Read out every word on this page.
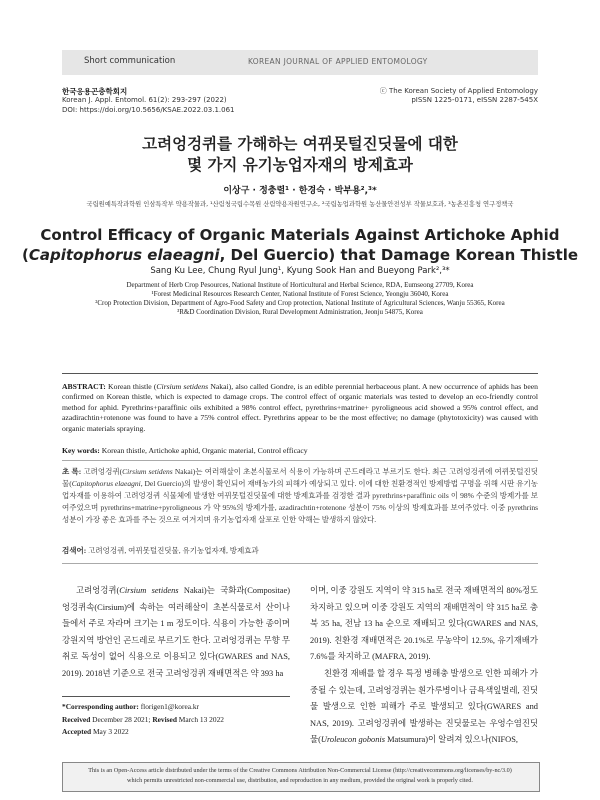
Short communication	KOREAN JOURNAL OF APPLIED ENTOMOLOGY
한국응용곤충학회지
Korean J. Appl. Entomol. 61(2): 293-297 (2022)
DOI: https://doi.org/10.5656/KSAE.2022.03.1.061
ⓒ The Korean Society of Applied Entomology
pISSN 1225-0171, eISSN 2287-545X
고려엉겅퀴를 가해하는 여뀌못털진딧물에 대한
몇 가지 유기농업자재의 방제효과
이상구 · 정충렬¹ · 한경숙 · 박부용²,³*
국립원예특작과학원 인삼특작부 약용작물과, ¹산림청국립수목원 산림약용자원연구소, ²국립농업과학원 농산물안전성부 작물보호과, ³농촌진흥청 연구정책국
Control Efficacy of Organic Materials Against Artichoke Aphid
(Capitophorus elaeagni, Del Guercio) that Damage Korean Thistle
Sang Ku Lee, Chung Ryul Jung¹, Kyung Sook Han and Bueyong Park²,³*
Department of Herb Crop Pesources, National Institute of Horticultural and Herbal Science, RDA, Eumseong 27709, Korea
¹Forest Medicinal Resources Research Center, National Institute of Forest Science, Yeongju 36040, Korea
²Crop Protection Division, Department of Agro-Food Safety and Crop protection, National Institute of Agricultural Sciences, Wanju 55365, Korea
³R&D Coordination Division, Rural Development Administration, Jeonju 54875, Korea
ABSTRACT: Korean thistle (Cirsium setidens Nakai), also called Gondre, is an edible perennial herbaceous plant. A new occurrence of aphids has been confirmed on Korean thistle, which is expected to damage crops. The control effect of organic materials was tested to develop an eco-friendly control method for aphid. Pyrethrins+paraffinic oils exhibited a 98% control effect, pyrethrins+matrine+ pyroligneous acid showed a 95% control effect, and azadirachtin+rotenone was found to have a 75% control effect. Pyrethrins appear to be the most effective; no damage (phytotoxicity) was caused with organic materials spraying.
Key words: Korean thistle, Artichoke aphid, Organic material, Control efficacy
초 록: 고려엉겅퀴(Cirsium setidens Nakai)는 여러해살이 초본식물로서 식용이 가능하며 곤드레라고 부르기도 한다. 최근 고려엉겅퀴에 여뀌못털진딧물(Capitophorus elaeagni, Del Guercio)의 발생이 확인되어 재배농가의 피해가 예상되고 있다. 이에 대한 친환경적인 방제방법 구명을 위해 시판 유기농업자재를 이용하여 고려엉겅퀴 식물체에 발생한 여뀌못털진딧물에 대한 방제효과를 검정한 결과 pyrethrins+paraffinic oils 이 98% 수준의 방제가를 보여주었으며 pyrethrins+matrine+pyroligneous 가 약 95%의 방제가를, azadirachtin+rotenone 성분이 75% 이상의 방제효과를 보여주었다. 이중 pyrethrins 성분이 가장 좋은 효과를 주는 것으로 여겨지며 유기농업자재 살포로 인한 약해는 발생하지 않았다.
검색어: 고려엉겅퀴, 여뀌못털진딧물, 유기농업자재, 방제효과

고려엉겅퀴(Cirsium setidens Nakai)는 국화과(Compositae) 엉겅퀴속(Cirsium)에 속하는 여러해살이 초본식물로서 산이나 들에서 주로 자라며 크기는 1 m 정도이다. 식용이 가능한 종이며 강원지역 방언인 곤드레로 부르기도 한다. 고려엉겅퀴는 무향 무취로 독성이 없어 식용으로 이용되고 있다(GWARES and NAS, 2019). 2018년 기준으로 전국 고려엉겅퀴 재배면적은 약 393 ha

이며, 이중 강원도 지역이 약 315 ha로 전국 재배면적의 80%정도 차지하고 있으며 이중 강원도 지역의 재배면적이 약 315 ha로 충북 35 ha, 전남 13 ha 순으로 재배되고 있다(GWARES and NAS, 2019). 친환경 재배면적은 20.1%로 무농약이 12.5%, 유기재배가 7.6%를 차지하고 (MAFRA, 2019).

친환경 재배를 할 경우 특정 병해충 발생으로 인한 피해가 가중될 수 있는데, 고려엉겅퀴는 흰가루병이나 금욕색잎벌레, 진딧물 발생으로 인한 피해가 주로 발생되고 있다(GWARES and NAS, 2019). 고려엉겅퀴에 발생하는 진딧물로는 우엉수염진딧물(Uroleucon gobonis Matsumura)이 알려져 있으나(NIFOS,

*Corresponding author: florigen1@korea.kr
Received December 28 2021; Revised March 13 2022
Accepted May 3 2022
This is an Open-Access article distributed under the terms of the Creative Commons Attribution Non-Commercial License (http://creativecommons.org/licenses/by-nc/3.0)
which permits unrestricted non-commercial use, distribution, and reproduction in any medium, provided the original work is properly cited.
